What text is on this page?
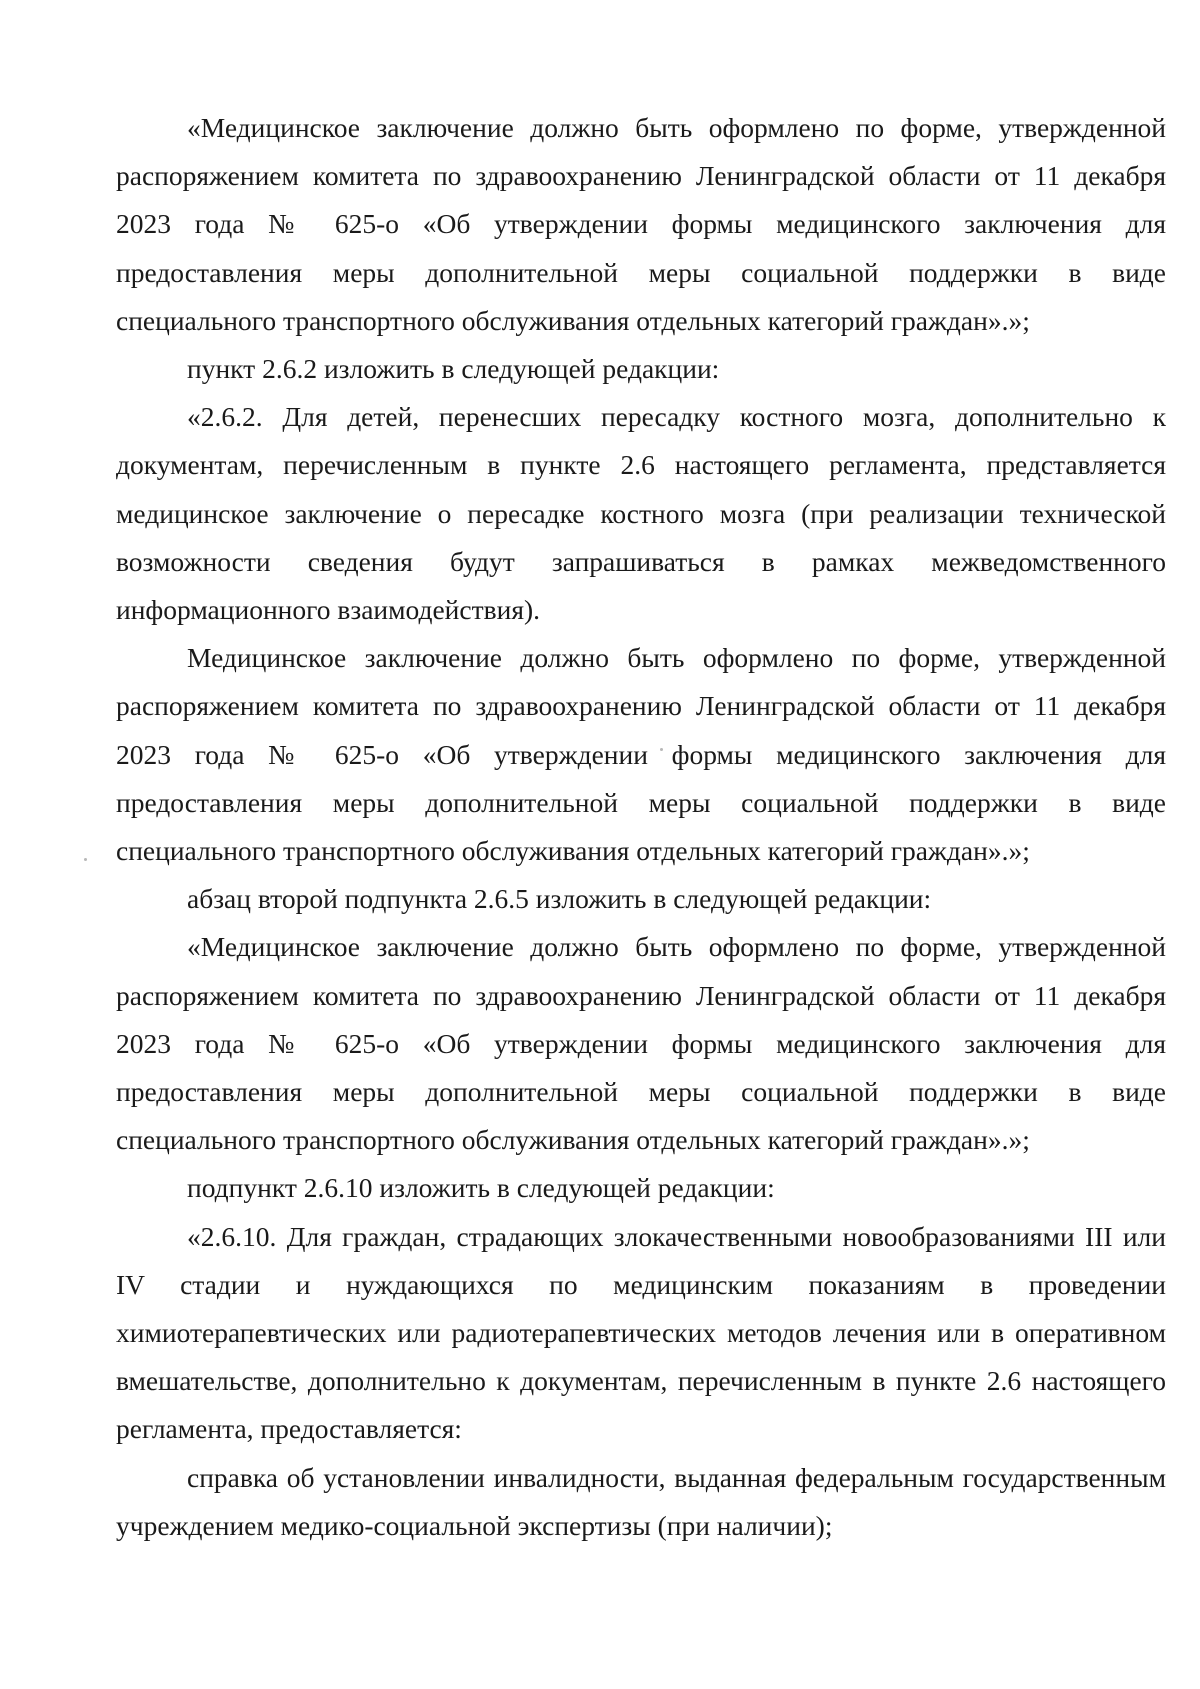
«Медицинское заключение должно быть оформлено по форме, утвержденной распоряжением комитета по здравоохранению Ленинградской области от 11 декабря 2023 года № 625-о «Об утверждении формы медицинского заключения для предоставления меры дополнительной меры социальной поддержки в виде специального транспортного обслуживания отдельных категорий граждан».»;

пункт 2.6.2 изложить в следующей редакции:

«2.6.2. Для детей, перенесших пересадку костного мозга, дополнительно к документам, перечисленным в пункте 2.6 настоящего регламента, представляется медицинское заключение о пересадке костного мозга (при реализации технической возможности сведения будут запрашиваться в рамках межведомственного информационного взаимодействия).

Медицинское заключение должно быть оформлено по форме, утвержденной распоряжением комитета по здравоохранению Ленинградской области от 11 декабря 2023 года № 625-о «Об утверждении формы медицинского заключения для предоставления меры дополнительной меры социальной поддержки в виде специального транспортного обслуживания отдельных категорий граждан».»;

абзац второй подпункта 2.6.5 изложить в следующей редакции:

«Медицинское заключение должно быть оформлено по форме, утвержденной распоряжением комитета по здравоохранению Ленинградской области от 11 декабря 2023 года № 625-о «Об утверждении формы медицинского заключения для предоставления меры дополнительной меры социальной поддержки в виде специального транспортного обслуживания отдельных категорий граждан».»;

подпункт 2.6.10 изложить в следующей редакции:

«2.6.10. Для граждан, страдающих злокачественными новообразованиями III или IV стадии и нуждающихся по медицинским показаниям в проведении химиотерапевтических или радиотерапевтических методов лечения или в оперативном вмешательстве, дополнительно к документам, перечисленным в пункте 2.6 настоящего регламента, предоставляется:

справка об установлении инвалидности, выданная федеральным государственным учреждением медико-социальной экспертизы (при наличии);
